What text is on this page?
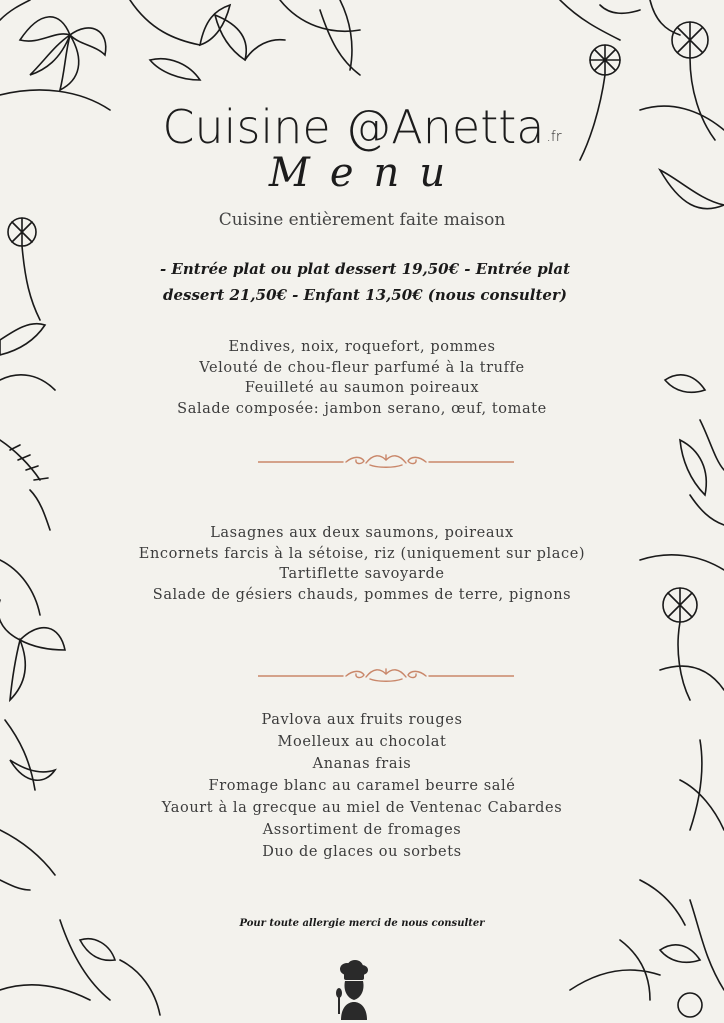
Cuisine @Anetta .fr
Menu
Cuisine entièrement faite maison
- Entrée plat ou plat dessert 19,50€ - Entrée plat
dessert 21,50€ - Enfant 13,50€ (nous consulter)
Endives, noix, roquefort, pommes
Velouté de chou-fleur parfumé à la truffe
Feuilleté au saumon poireaux
Salade composée: jambon serano, œuf, tomate
Lasagnes aux deux saumons, poireaux
Encornets farcis à la sétoise, riz (uniquement sur place)
Tartiflette savoyarde
Salade de gésiers chauds, pommes de terre, pignons
Pavlova aux fruits rouges
Moelleux au chocolat
Ananas frais
Fromage blanc au caramel beurre salé
Yaourt à la grecque au miel de Ventenac Cabardes
Assortiment de fromages
Duo de glaces ou sorbets
Pour toute allergie merci de nous consulter
